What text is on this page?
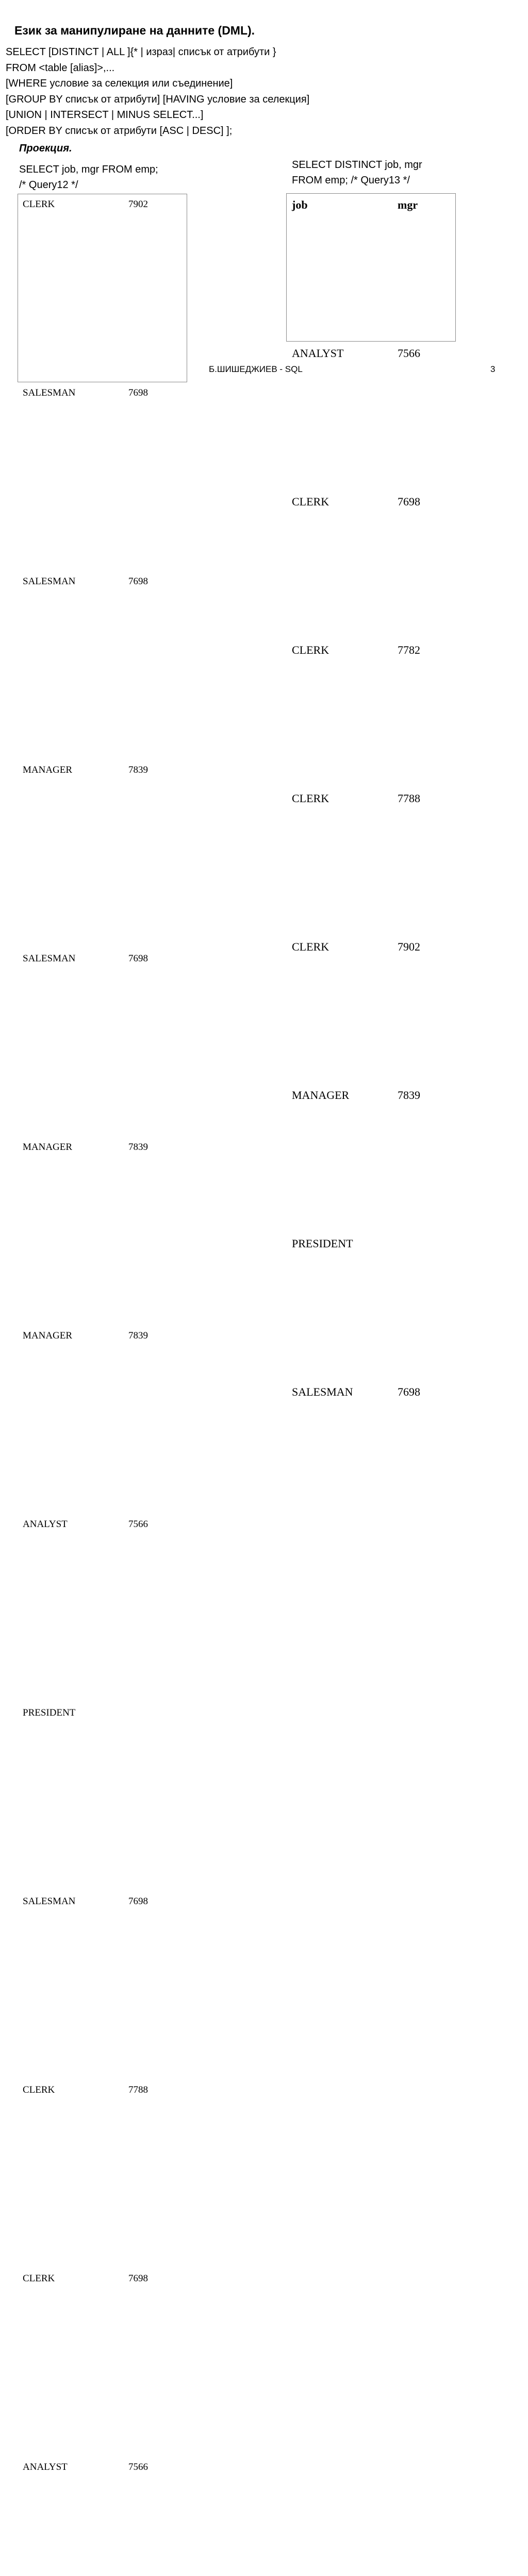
Език за манипулиране на данните (DML).
SELECT [DISTINCT | ALL ]{* | израз| списък от атрибути }
FROM <table [alias]>,...
[WHERE условие за селекция или съединение]
[GROUP BY списък от атрибути] [HAVING условие за селекция]
[UNION | INTERSECT | MINUS SELECT...]
[ORDER BY списък от атрибути [ASC | DESC] ];
Проекция.
SELECT job, mgr FROM emp;
/* Query12 */
SELECT DISTINCT job, mgr
FROM emp; /* Query13 */
CLERK	7902
SALESMAN	7698
SALESMAN	7698
MANAGER	7839
SALESMAN	7698
MANAGER	7839
MANAGER	7839
ANALYST	7566
PRESIDENT
SALESMAN	7698
CLERK	7788
CLERK	7698
ANALYST	7566
job	mgr
ANALYST	7566
CLERK	7698
CLERK	7782
CLERK	7788
CLERK	7902
MANAGER	7839
PRESIDENT
SALESMAN	7698
Б.ШИШЕДЖИЕВ - SQL	3
